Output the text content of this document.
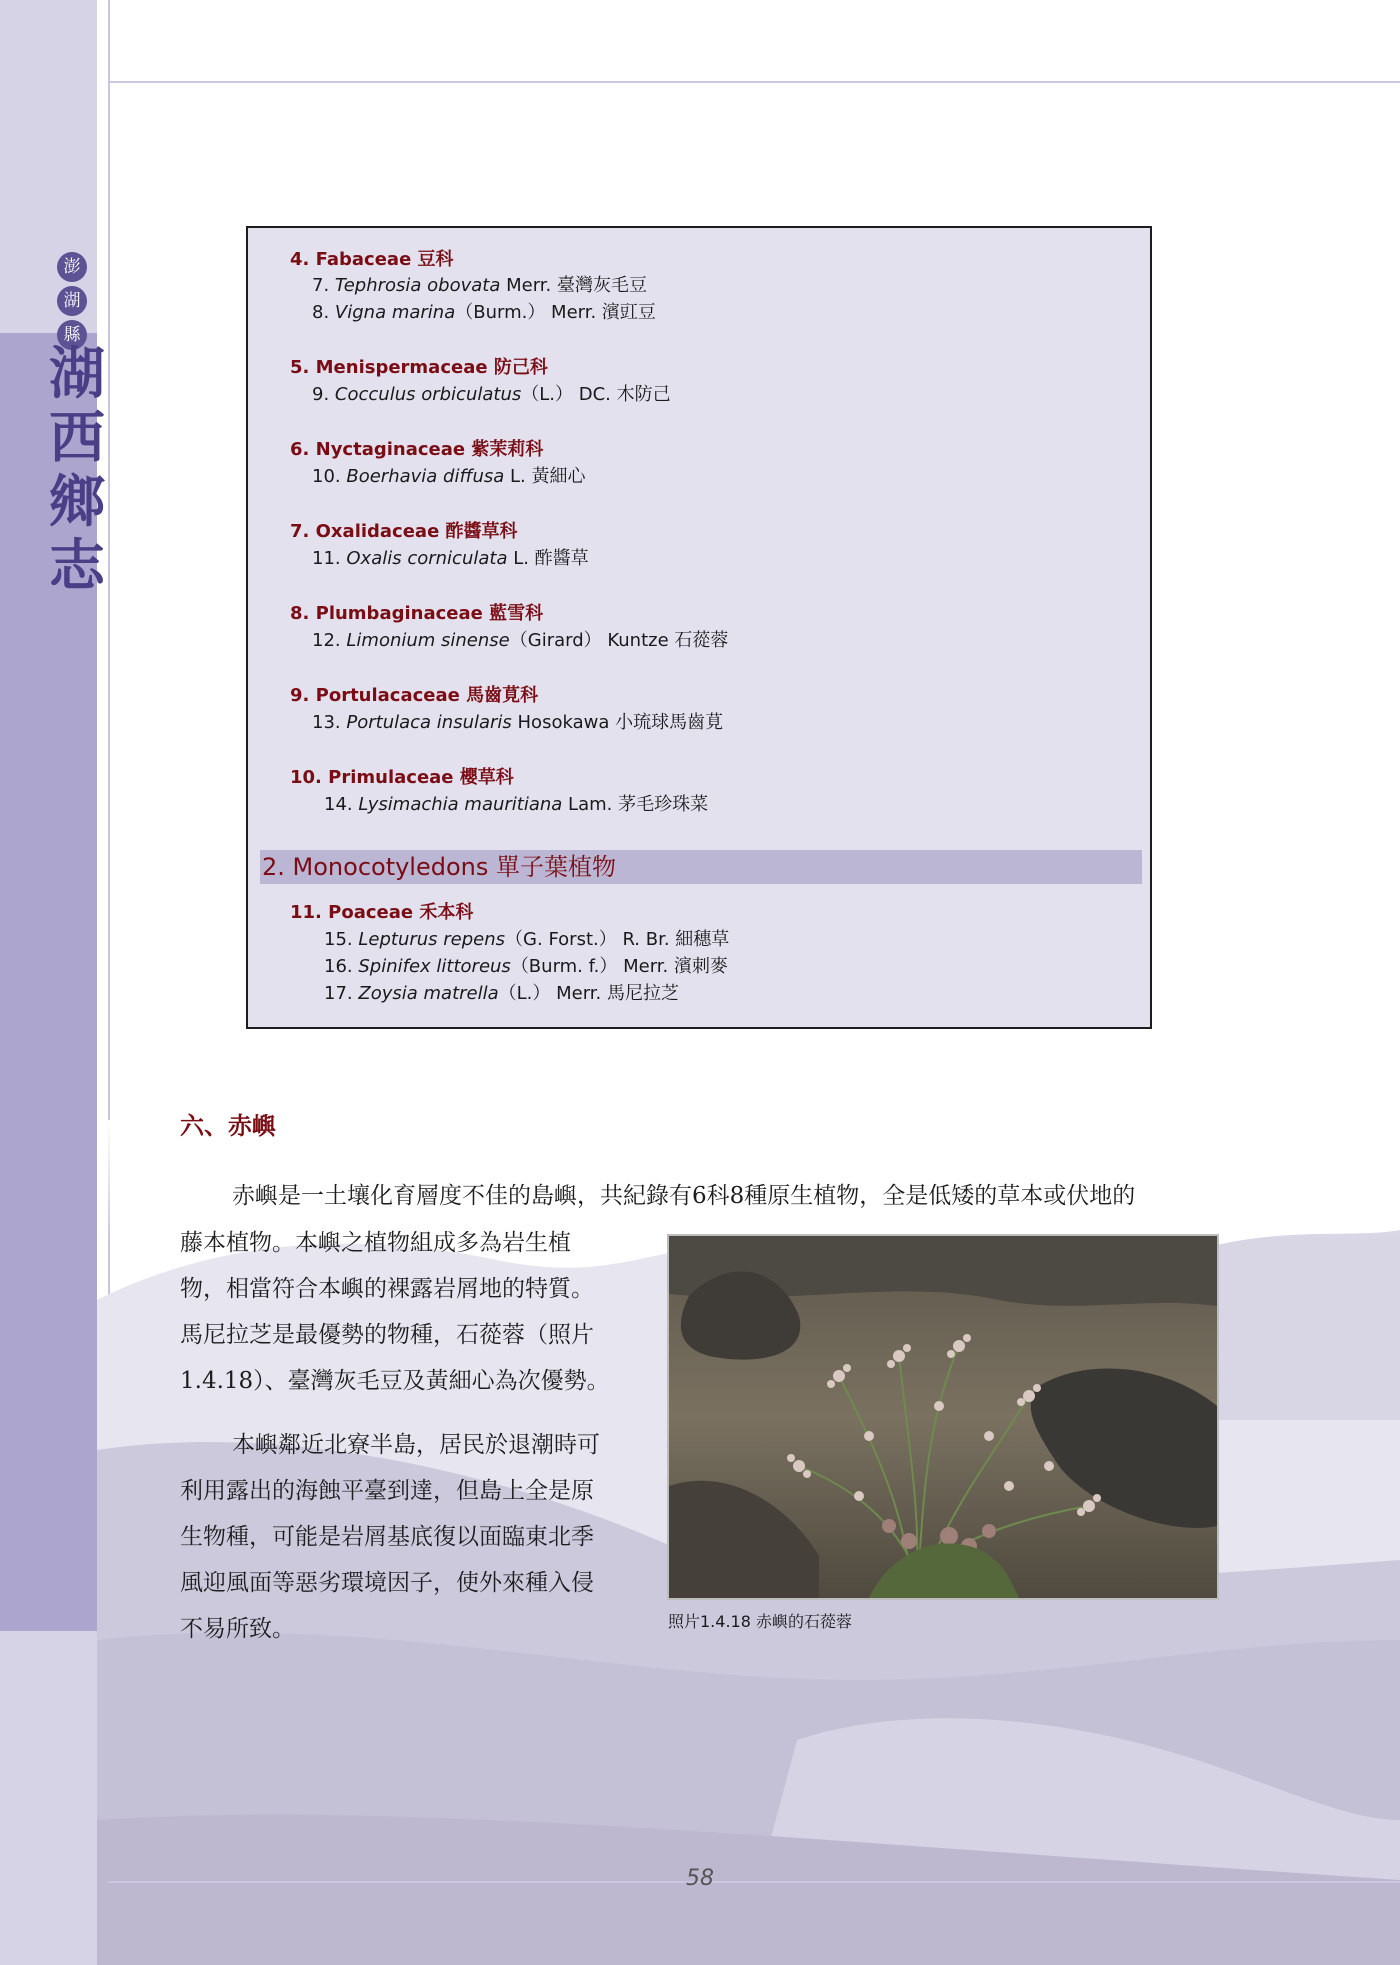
澎
湖
縣
湖
西
鄉
志
4. Fabaceae 豆科
7. Tephrosia obovata Merr. 臺灣灰毛豆
8. Vigna marina（Burm.） Merr. 濱豇豆
5. Menispermaceae 防己科
9. Cocculus orbiculatus（L.） DC. 木防己
6. Nyctaginaceae 紫茉莉科
10. Boerhavia diffusa L. 黃細心
7. Oxalidaceae 酢醬草科
11. Oxalis corniculata L. 酢醬草
8. Plumbaginaceae 藍雪科
12. Limonium sinense（Girard） Kuntze 石蓯蓉
9. Portulacaceae 馬齒莧科
13. Portulaca insularis Hosokawa 小琉球馬齒莧
10. Primulaceae 櫻草科
14. Lysimachia mauritiana Lam. 茅毛珍珠菜
2. Monocotyledons 單子葉植物
11. Poaceae 禾本科
15. Lepturus repens（G. Forst.） R. Br. 細穗草
16. Spinifex littoreus（Burm. f.） Merr. 濱刺麥
17. Zoysia matrella（L.） Merr. 馬尼拉芝
六、赤嶼
赤嶼是一土壤化育層度不佳的島嶼，共紀錄有6科8種原生植物，全是低矮的草本或伏地的
藤本植物。本嶼之植物組成多為岩生植
物，相當符合本嶼的裸露岩屑地的特質。
馬尼拉芝是最優勢的物種，石蓯蓉（照片
1.4.18）、臺灣灰毛豆及黃細心為次優勢。
本嶼鄰近北寮半島，居民於退潮時可
利用露出的海蝕平臺到達，但島上全是原
生物種，可能是岩屑基底復以面臨東北季
風迎風面等惡劣環境因子，使外來種入侵
不易所致。	照片1.4.18 赤嶼的石蓯蓉
58
